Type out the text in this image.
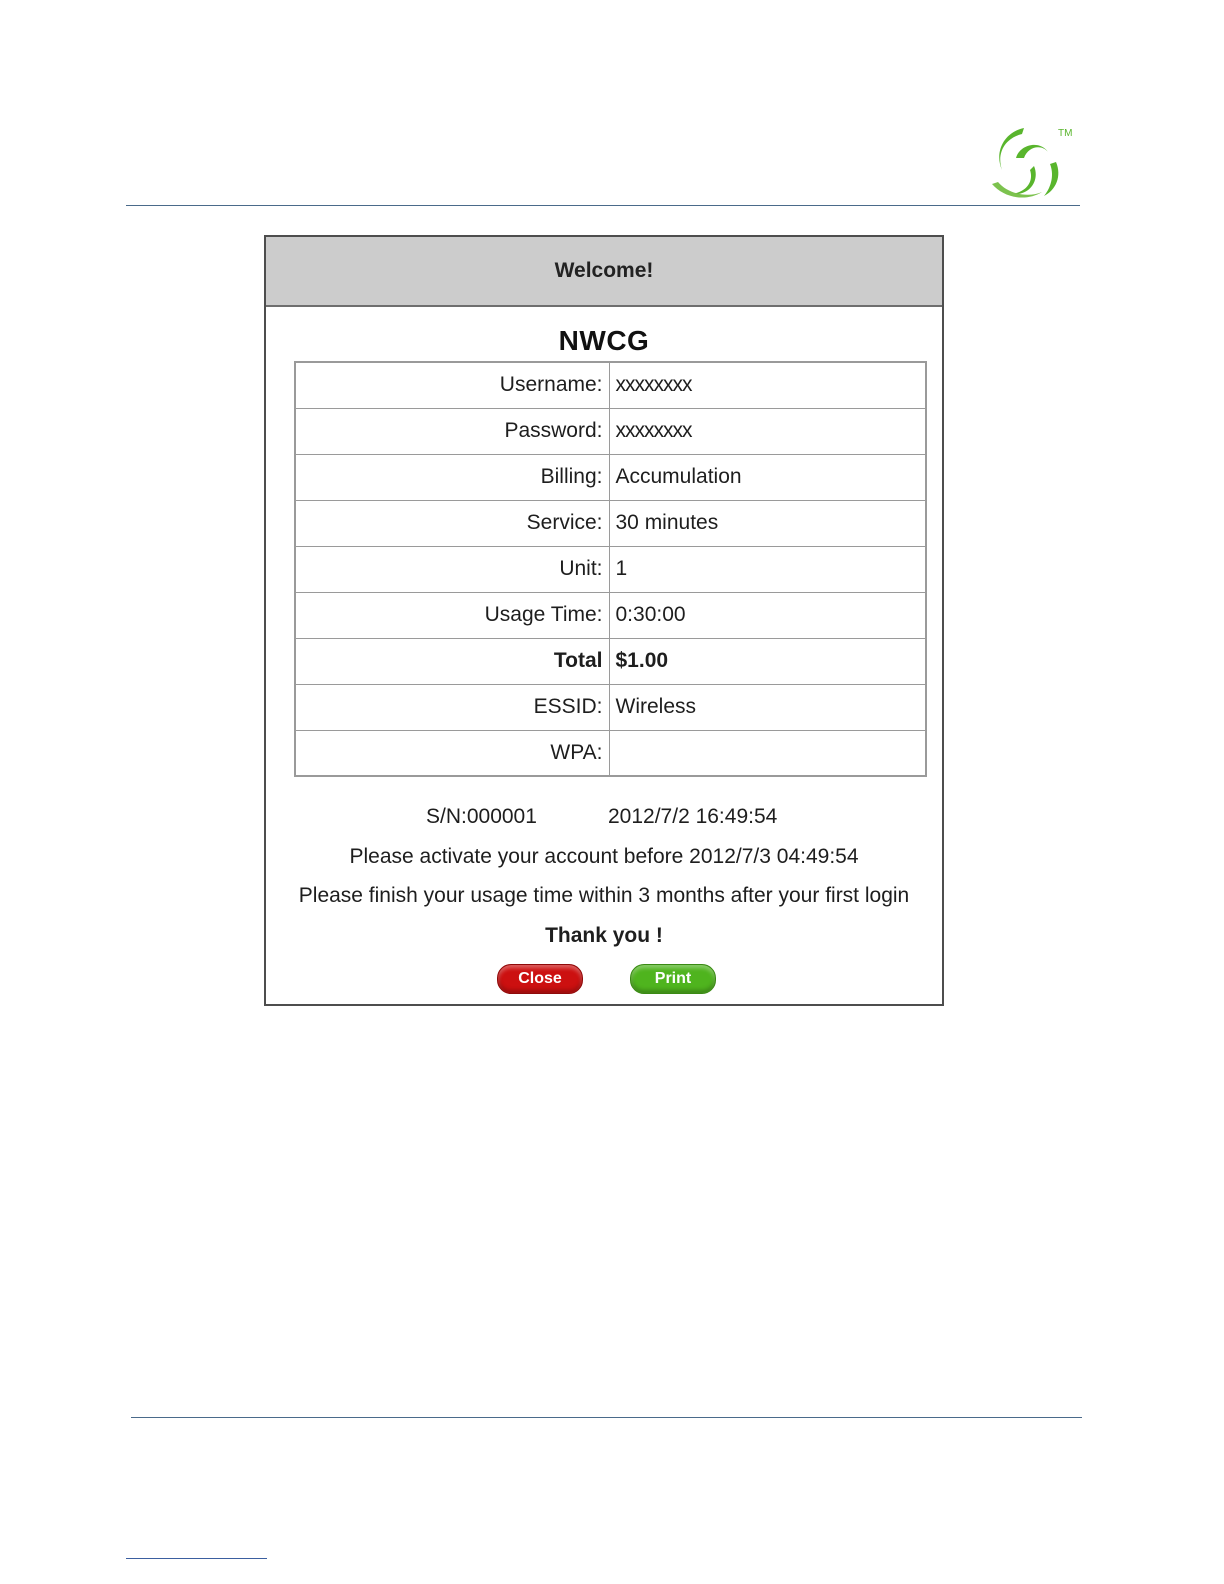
TM
Welcome!
NWCG
Username:	xxxxxxxx
Password:	xxxxxxxx
Billing:	Accumulation
Service:	30 minutes
Unit:	1
Usage Time:	0:30:00
Total	$1.00
ESSID:	Wireless
WPA:	
S/N:000001	2012/7/2 16:49:54
Please activate your account before 2012/7/3 04:49:54
Please finish your usage time within 3 months after your first login
Thank you !
Close	Print
